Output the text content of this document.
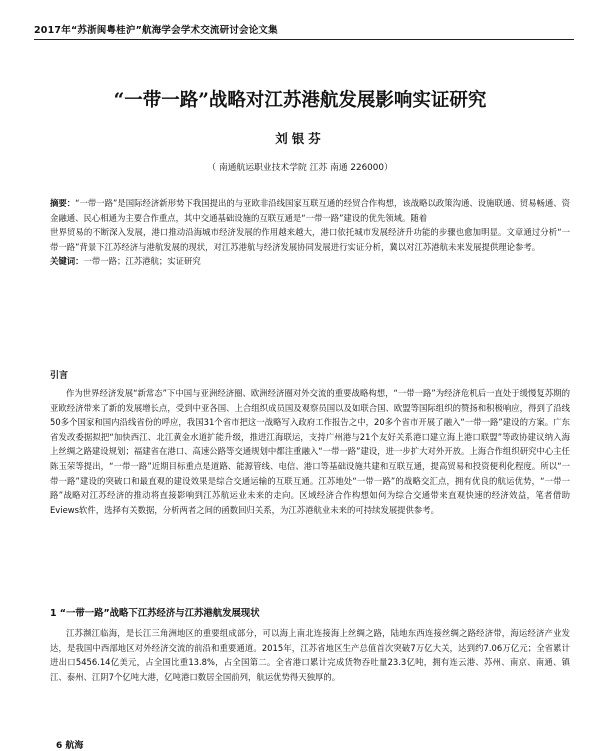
2017年“苏浙闽粤桂沪”航海学会学术交流研讨会论文集
“一带一路”战略对江苏港航发展影响实证研究
刘银芬
（ 南通航运职业技术学院 江苏 南通 226000）

摘要：“一带一路”是国际经济新形势下我国提出的与亚欧非沿线国家互联互通的经贸合作构想，该战略以政策沟通、设施联通、贸易畅通、资金融通、民心相通为主要合作重点，其中交通基础设施的互联互通是“一带一路”建设的优先领域。随着

世界贸易的不断深入发展，港口推动沿海城市经济发展的作用越来越大，港口依托城市发展经济升功能的步骤也愈加明显。文章通过分析“一带一路”背景下江苏经济与港航发展的现状，对江苏港航与经济发展协同发展进行实证分析，冀以对江苏港航未来发展提供理论参考。

关键词：一带一路；江苏港航；实证研究

引言

作为世界经济发展“新常态”下中国与亚洲经济圈、欧洲经济圈对外交流的重要战略构想，“一带一路”为经济危机后一直处于缓慢复苏期的亚欧经济带来了新的发展增长点，受到中亚各国、上合组织成员国及观察员国以及如联合国、欧盟等国际组织的赞扬和积极响应，得到了沿线50多个国家和国内沿线省份的呼应，我国31个省市把这一战略写入政府工作报告之中，20多个省市开展了融入“一带一路”建设的方案。广东省发改委据拟把“加快西江、北江黄金水道扩能升级，推进江海联运，支持广州港与21个友好关系港口建立海上港口联盟”等政协建议纳入海上丝绸之路建设规划；福建省在港口、高速公路等交通规划中都注重融入“一带一路”建设，进一步扩大对外开放。上海合作组织研究中心主任陈玉荣等提出，“一带一路”近期目标重点是道路、能源管线、电信、港口等基础设施共建和互联互通，提高贸易和投资便利化程度。所以“一带一路”建设的突破口和最直观的建设效果是综合交通运输的互联互通。江苏地处“一带一路”的战略交汇点，拥有优良的航运优势，“一带一路”战略对江苏经济的推动将直接影响到江苏航运业未来的走向。区域经济合作构想如何为综合交通带来直观快速的经济效益，笔者借助Eviews软件，选择有关数据，分析两者之间的函数回归关系，为江苏港航业未来的可持续发展提供参考。

1 “一带一路”战略下江苏经济与江苏港航发展现状

江苏濒江临海，是长江三角洲地区的重要组成部分，可以海上南北连接海上丝绸之路，陆地东西连接丝绸之路经济带，海运经济产业发达，是我国中西部地区对外经济交流的前沿和重要通道。2015年，江苏省地区生产总值首次突破7万亿大关，达到约7.06万亿元；全省累计进出口5456.14亿美元，占全国比重13.8%，占全国第二。全省港口累计完成货物吞吐量23.3亿吨，拥有连云港、苏州、南京、南通、镇江、泰州、江阴7个亿吨大港，亿吨港口数居全国前列，航运优势得天独厚的。

6 航海
